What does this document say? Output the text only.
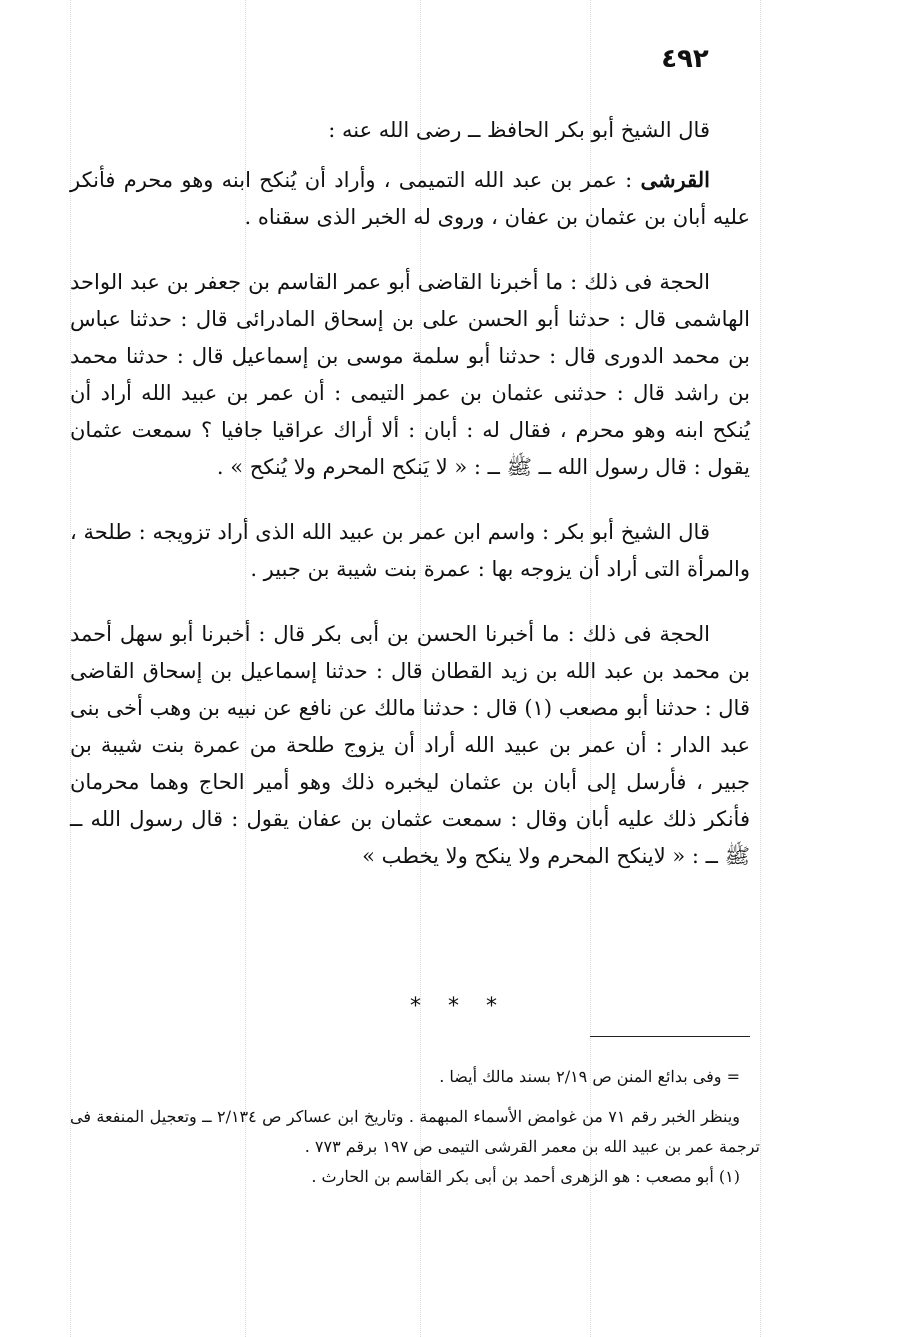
٤٩٢

قال الشيخ أبو بكر الحافظ ــ رضى الله عنه :

القرشى : عمر بن عبد الله التميمى ، وأراد أن يُنكح ابنه وهو محرم فأنكر عليه أبان بن عثمان بن عفان ، وروى له الخبر الذى سقناه .

الحجة فى ذلك : ما أخبرنا القاضى أبو عمر القاسم بن جعفر بن عبد الواحد الهاشمى قال : حدثنا أبو الحسن على بن إسحاق المادرائى قال : حدثنا عباس بن محمد الدورى قال : حدثنا أبو سلمة موسى بن إسماعيل قال : حدثنا محمد بن راشد قال : حدثنى عثمان بن عمر التيمى : أن عمر بن عبيد الله أراد أن يُنكح ابنه وهو محرم ، فقال له : أبان : ألا أراك عراقيا جافيا ؟ سمعت عثمان يقول : قال رسول الله ــ ﷺ ــ : « لا يَنكح المحرم ولا يُنكح » .

قال الشيخ أبو بكر : واسم ابن عمر بن عبيد الله الذى أراد تزويجه : طلحة ، والمرأة التى أراد أن يزوجه بها : عمرة بنت شيبة بن جبير .

الحجة فى ذلك : ما أخبرنا الحسن بن أبى بكر قال : أخبرنا أبو سهل أحمد بن محمد بن عبد الله بن زيد القطان قال : حدثنا إسماعيل بن إسحاق القاضى قال : حدثنا أبو مصعب (١) قال : حدثنا مالك عن نافع عن نبيه بن وهب أخى بنى عبد الدار : أن عمر بن عبيد الله أراد أن يزوج طلحة من عمرة بنت شيبة بن جبير ، فأرسل إلى أبان بن عثمان ليخبره ذلك وهو أمير الحاج وهما محرمان فأنكر ذلك عليه أبان وقال : سمعت عثمان بن عفان يقول : قال رسول الله ــ ﷺ ــ : « لاينكح المحرم ولا ينكح ولا يخطب »

* * *

= وفى بدائع المنن ص ٢/١٩ بسند مالك أيضا .

وينظر الخبر رقم ٧١ من غوامض الأسماء المبهمة . وتاريخ ابن عساكر ص ٢/١٣٤ ــ وتعجيل المنفعة فى ترجمة عمر بن عبيد الله بن معمر القرشى التيمى ص ١٩٧ برقم ٧٧٣ .

(١) أبو مصعب : هو الزهرى أحمد بن أبى بكر القاسم بن الحارث .
